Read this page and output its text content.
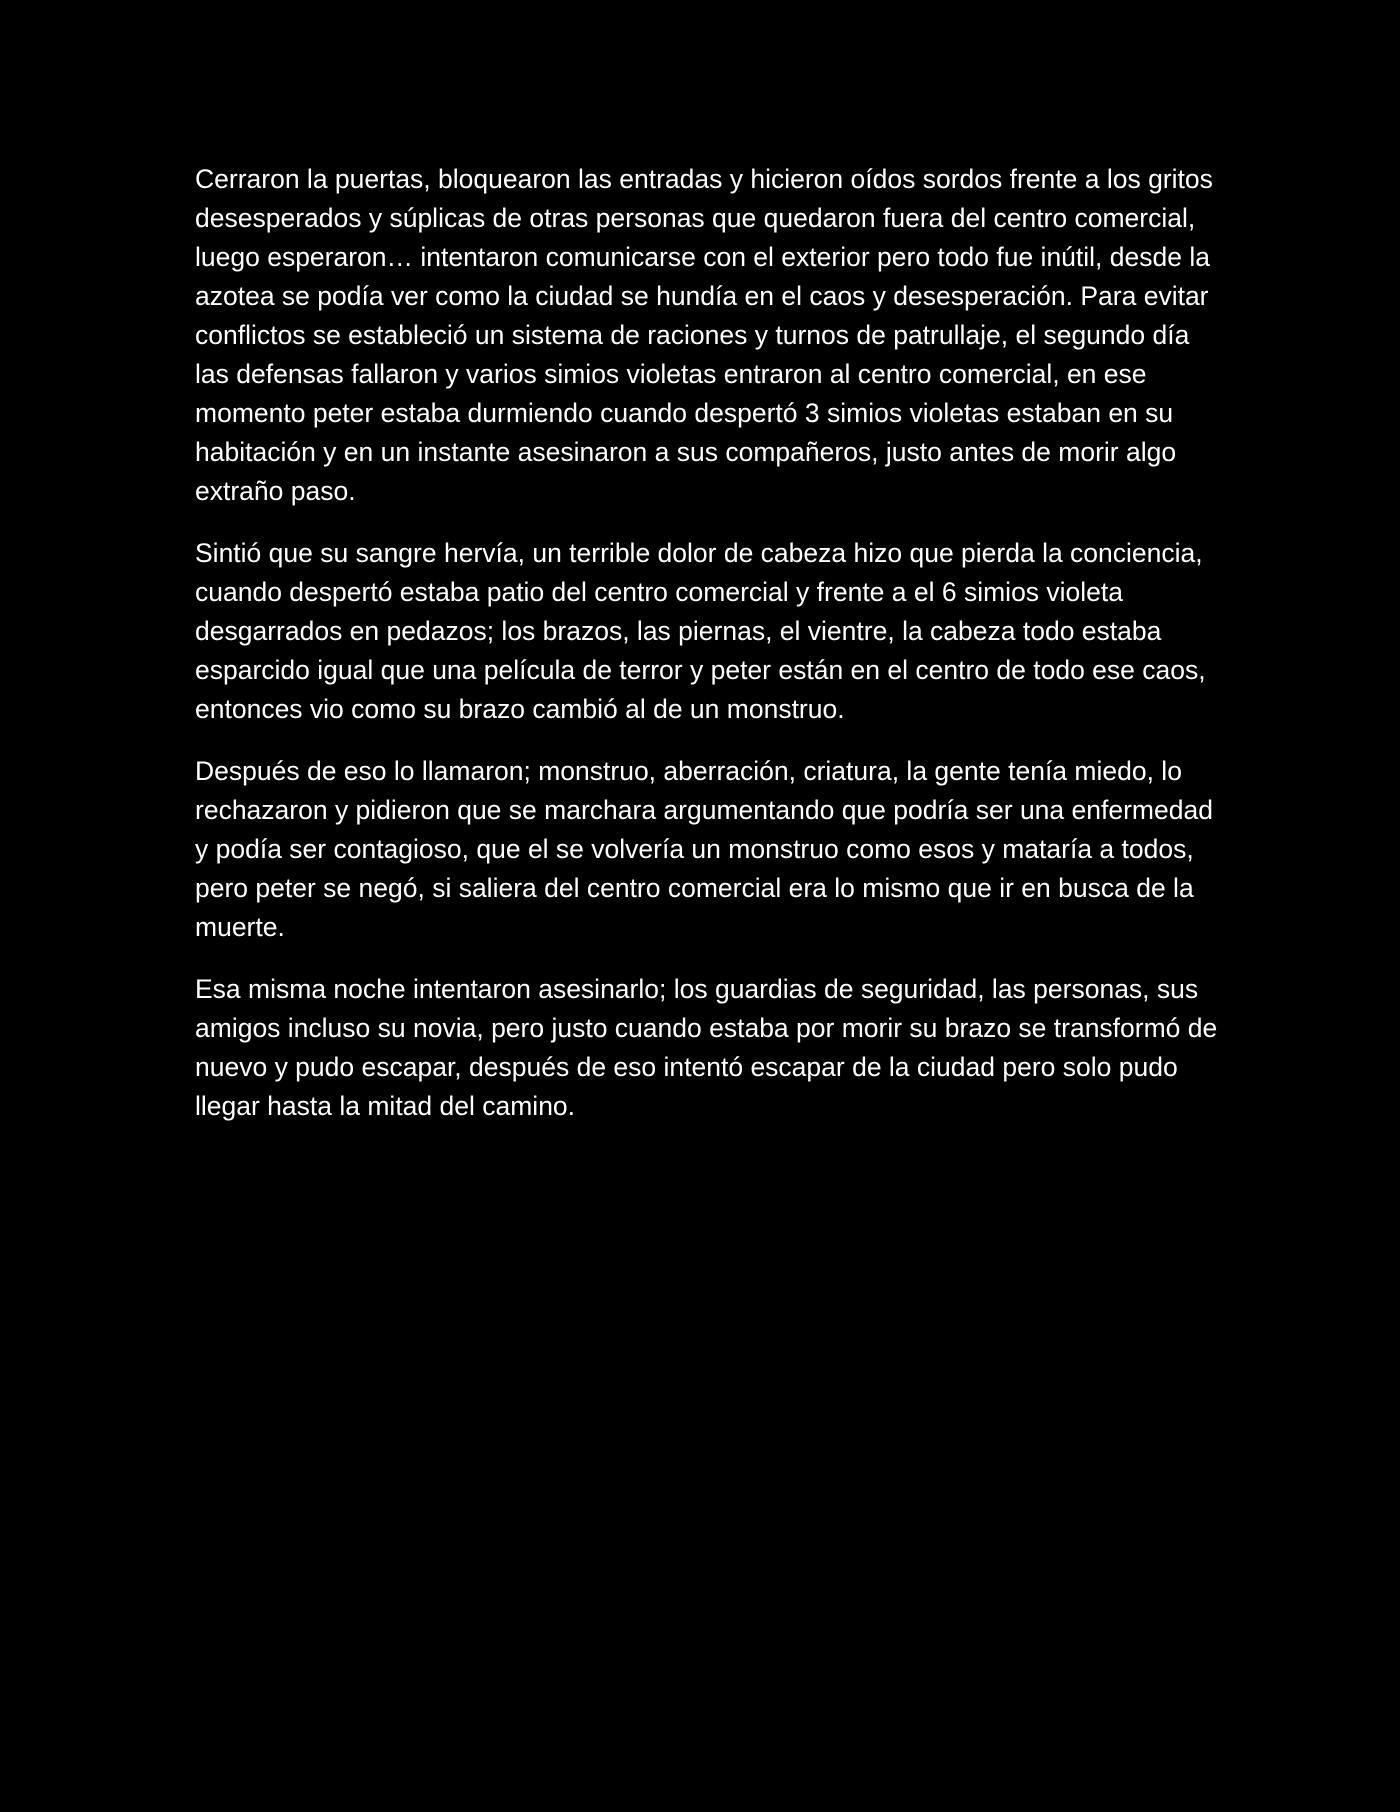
Cerraron la puertas, bloquearon las entradas y hicieron oídos sordos frente a los gritos desesperados y súplicas de otras personas que quedaron fuera del centro comercial, luego esperaron… intentaron comunicarse con el exterior pero todo fue inútil, desde la azotea se podía ver como la ciudad se hundía en el caos y desesperación. Para evitar conflictos se estableció un sistema de raciones y turnos de patrullaje, el segundo día las defensas fallaron y varios simios violetas entraron al centro comercial, en ese momento peter estaba durmiendo cuando despertó 3 simios violetas estaban en su habitación y en un instante asesinaron a sus compañeros, justo antes de morir algo extraño paso.

Sintió que su sangre hervía, un terrible dolor de cabeza hizo que pierda la conciencia, cuando despertó estaba patio del centro comercial y frente a el 6 simios violeta desgarrados en pedazos; los brazos, las piernas, el vientre, la cabeza todo estaba esparcido igual que una película de terror y peter están en el centro de todo ese caos, entonces vio como su brazo cambió al de un monstruo.

Después de eso lo llamaron; monstruo, aberración, criatura, la gente tenía miedo, lo rechazaron y pidieron que se marchara argumentando que podría ser una enfermedad y podía ser contagioso, que el se volvería un monstruo como esos y mataría a todos, pero peter se negó, si saliera del centro comercial era lo mismo que ir en busca de la muerte.

Esa misma noche intentaron asesinarlo; los guardias de seguridad, las personas, sus amigos incluso su novia, pero justo cuando estaba por morir su brazo se transformó de nuevo y pudo escapar, después de eso intentó escapar de la ciudad pero solo pudo llegar hasta la mitad del camino.
